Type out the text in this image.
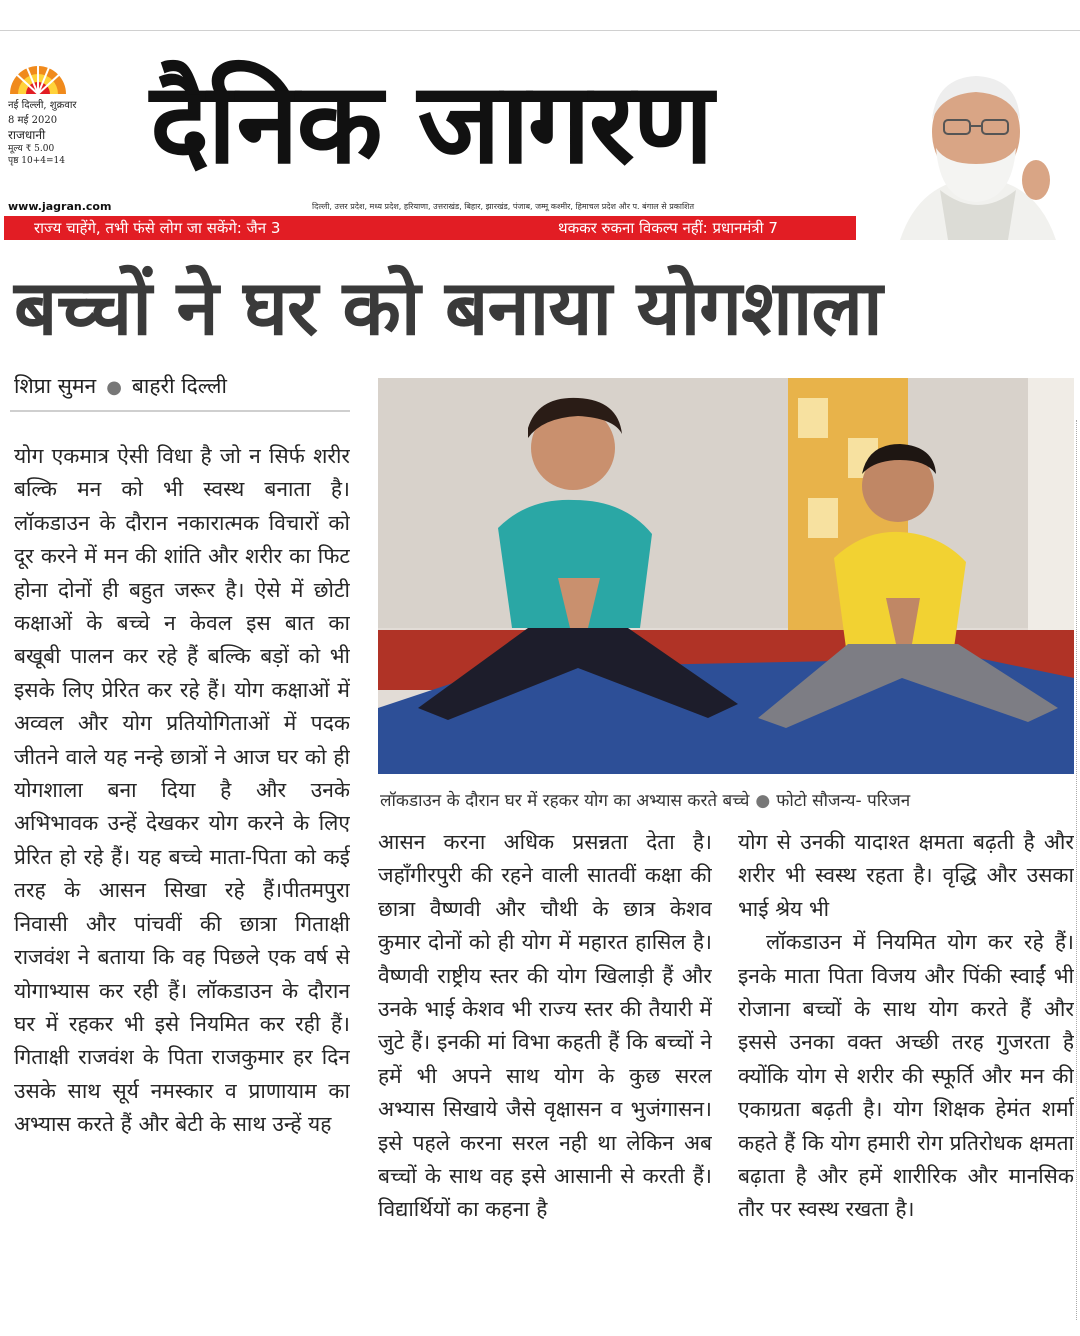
नई दिल्ली, शुक्रवार
8 मई 2020
राजधानी
मूल्य ₹ 5.00
पृष्ठ 10+4=14 दैनिक जागरण
www.jagran.com	दिल्ली, उत्तर प्रदेश, मध्य प्रदेश, हरियाणा, उत्तराखंड, बिहार, झारखंड, पंजाब, जम्मू कश्मीर, हिमाचल प्रदेश और प. बंगाल से प्रकाशित
राज्य चाहेंगे, तभी फंसे लोग जा सकेंगे: जैन 3	थककर रुकना विकल्प नहीं: प्रधानमंत्री 7
बच्चों ने घर को बनाया योगशाला
शिप्रा सुमन ● बाहरी दिल्ली
योग एकमात्र ऐसी विधा है जो न सिर्फ शरीर बल्कि मन को भी स्वस्थ बनाता है। लॉकडाउन के दौरान नकारात्मक विचारों को दूर करने में मन की शांति और शरीर का फिट होना दोनों ही बहुत जरूर है। ऐसे में छोटी कक्षाओं के बच्चे न केवल इस बात का बखूबी पालन कर रहे हैं बल्कि बड़ों को भी इसके लिए प्रेरित कर रहे हैं। योग कक्षाओं में अव्वल और योग प्रतियोगिताओं में पदक जीतने वाले यह नन्हे छात्रों ने आज घर को ही योगशाला बना दिया है और उनके अभिभावक उन्हें देखकर योग करने के लिए प्रेरित हो रहे हैं। यह बच्चे माता-पिता को कई तरह के आसन सिखा रहे हैं।पीतमपुरा निवासी और पांचवीं की छात्रा गिताक्षी राजवंश ने बताया कि वह पिछले एक वर्ष से योगाभ्यास कर रही हैं। लॉकडाउन के दौरान घर में रहकर भी इसे नियमित कर रही हैं। गिताक्षी राजवंश के पिता राजकुमार हर दिन उसके साथ सूर्य नमस्कार व प्राणायाम का अभ्यास करते हैं और बेटी के साथ उन्हें यह
लॉकडाउन के दौरान घर में रहकर योग का अभ्यास करते बच्चे ● फोटो सौजन्य- परिजन
आसन करना अधिक प्रसन्नता देता है। जहाँगीरपुरी की रहने वाली सातवीं कक्षा की छात्रा वैष्णवी और चौथी के छात्र केशव कुमार दोनों को ही योग में महारत हासिल है। वैष्णवी राष्ट्रीय स्तर की योग खिलाड़ी हैं और उनके भाई केशव भी राज्य स्तर की तैयारी में जुटे हैं। इनकी मां विभा कहती हैं कि बच्चों ने हमें भी अपने साथ योग के कुछ सरल अभ्यास सिखाये जैसे वृक्षासन व भुजंगासन। इसे पहले करना सरल नही था लेकिन अब बच्चों के साथ वह इसे आसानी से करती हैं। विद्यार्थियों का कहना है
योग से उनकी यादाश्त क्षमता बढ़ती है और शरीर भी स्वस्थ रहता है। वृद्धि और उसका भाई श्रेय भी
लॉकडाउन में नियमित योग कर रहे हैं। इनके माता पिता विजय और पिंकी स्वाईं भी रोजाना बच्चों के साथ योग करते हैं और इससे उनका वक्त अच्छी तरह गुजरता है क्योंकि योग से शरीर की स्फूर्ति और मन की एकाग्रता बढ़ती है। योग शिक्षक हेमंत शर्मा कहते हैं कि योग हमारी रोग प्रतिरोधक क्षमता बढ़ाता है और हमें शारीरिक और मानसिक तौर पर स्वस्थ रखता है।
